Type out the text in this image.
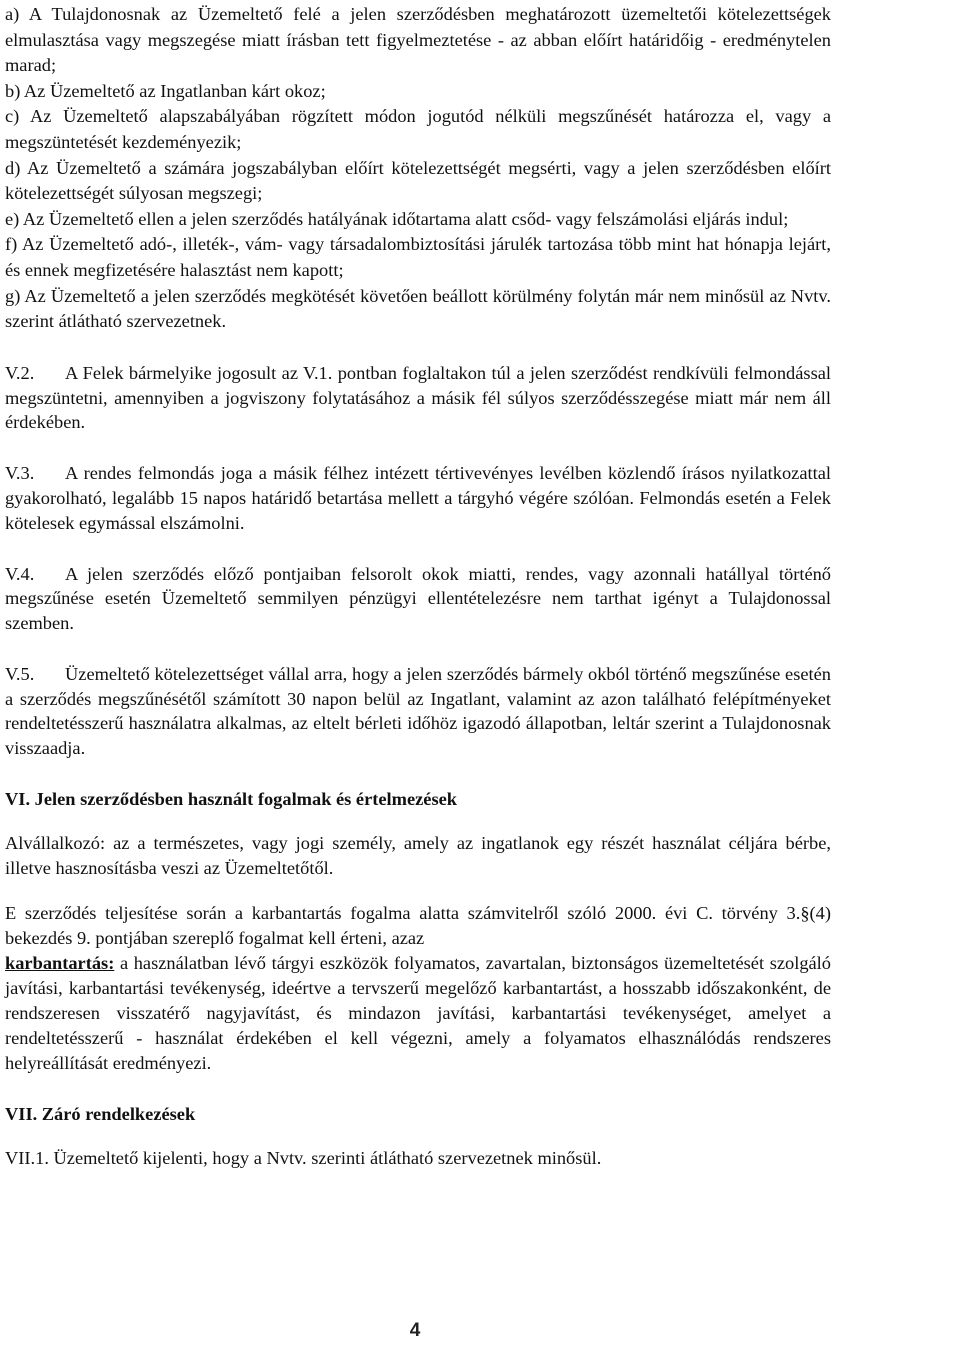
a) A Tulajdonosnak az Üzemeltető felé a jelen szerződésben meghatározott üzemeltetői kötelezettségek elmulasztása vagy megszegése miatt írásban tett figyelmeztetése - az abban előírt határidőig - eredménytelen marad;

b) Az Üzemeltető az Ingatlanban kárt okoz;

c) Az Üzemeltető alapszabályában rögzített módon jogutód nélküli megszűnését határozza el, vagy a megszüntetését kezdeményezik;

d) Az Üzemeltető a számára jogszabályban előírt kötelezettségét megsérti, vagy a jelen szerződésben előírt kötelezettségét súlyosan megszegi;

e) Az Üzemeltető ellen a jelen szerződés hatályának időtartama alatt csőd- vagy felszámolási eljárás indul;

f) Az Üzemeltető adó-, illeték-, vám- vagy társadalombiztosítási járulék tartozása több mint hat hónapja lejárt, és ennek megfizetésére halasztást nem kapott;

g) Az Üzemeltető a jelen szerződés megkötését követően beállott körülmény folytán már nem minősül az Nvtv. szerint átlátható szervezetnek.

V.2. A Felek bármelyike jogosult az V.1. pontban foglaltakon túl a jelen szerződést rendkívüli felmondással megszüntetni, amennyiben a jogviszony folytatásához a másik fél súlyos szerződésszegése miatt már nem áll érdekében.

V.3. A rendes felmondás joga a másik félhez intézett tértivevényes levélben közlendő írásos nyilatkozattal gyakorolható, legalább 15 napos határidő betartása mellett a tárgyhó végére szólóan. Felmondás esetén a Felek kötelesek egymással elszámolni.

V.4. A jelen szerződés előző pontjaiban felsorolt okok miatti, rendes, vagy azonnali hatállyal történő megszűnése esetén Üzemeltető semmilyen pénzügyi ellentételezésre nem tarthat igényt a Tulajdonossal szemben.

V.5. Üzemeltető kötelezettséget vállal arra, hogy a jelen szerződés bármely okból történő megszűnése esetén a szerződés megszűnésétől számított 30 napon belül az Ingatlant, valamint az azon található felépítményeket rendeltetésszerű használatra alkalmas, az eltelt bérleti időhöz igazodó állapotban, leltár szerint a Tulajdonosnak visszaadja.

VI. Jelen szerződésben használt fogalmak és értelmezések

Alvállalkozó: az a természetes, vagy jogi személy, amely az ingatlanok egy részét használat céljára bérbe, illetve hasznosításba veszi az Üzemeltetőtől.

E szerződés teljesítése során a karbantartás fogalma alatta számvitelről szóló 2000. évi C. törvény 3.§(4) bekezdés 9. pontjában szereplő fogalmat kell érteni, azaz

karbantartás: a használatban lévő tárgyi eszközök folyamatos, zavartalan, biztonságos üzemeltetését szolgáló javítási, karbantartási tevékenység, ideértve a tervszerű megelőző karbantartást, a hosszabb időszakonként, de rendszeresen visszatérő nagyjavítást, és mindazon javítási, karbantartási tevékenységet, amelyet a rendeltetésszerű - használat érdekében el kell végezni, amely a folyamatos elhasználódás rendszeres helyreállítását eredményezi.

VII. Záró rendelkezések

VII.1. Üzemeltető kijelenti, hogy a Nvtv. szerinti átlátható szervezetnek minősül.

4
